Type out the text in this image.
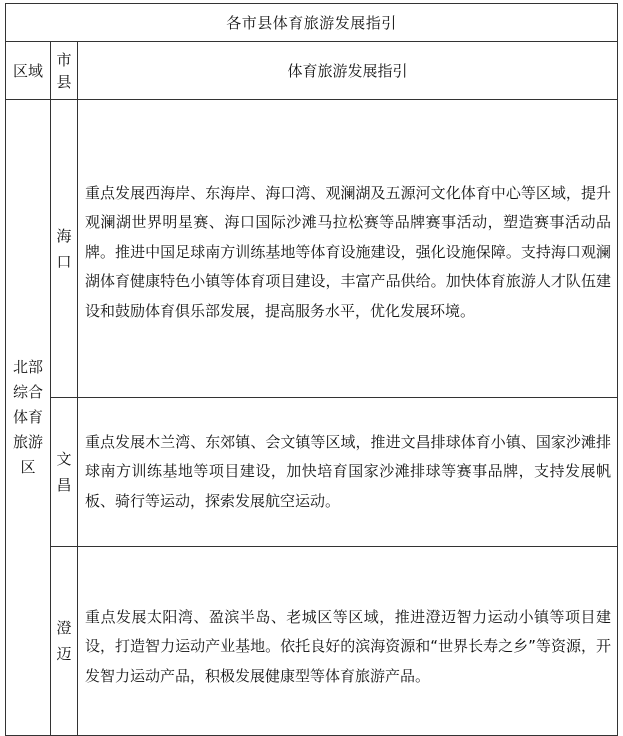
各市县体育旅游发展指引		
区域	市县	体育旅游发展指引
北部综合体育旅游区	海口	重点发展西海岸、东海岸、海口湾、观澜湖及五源河文化体育中心等区域，提升观澜湖世界明星赛、海口国际沙滩马拉松赛等品牌赛事活动，塑造赛事活动品牌。推进中国足球南方训练基地等体育设施建设，强化设施保障。支持海口观澜湖体育健康特色小镇等体育项目建设，丰富产品供给。加快体育旅游人才队伍建设和鼓励体育俱乐部发展，提高服务水平，优化发展环境。
	文昌	重点发展木兰湾、东郊镇、会文镇等区域，推进文昌排球体育小镇、国家沙滩排球南方训练基地等项目建设，加快培育国家沙滩排球等赛事品牌，支持发展帆板、骑行等运动，探索发展航空运动。
	澄迈	重点发展太阳湾、盈滨半岛、老城区等区域，推进澄迈智力运动小镇等项目建设，打造智力运动产业基地。依托良好的滨海资源和“世界长寿之乡”等资源，开发智力运动产品，积极发展健康型等体育旅游产品。
